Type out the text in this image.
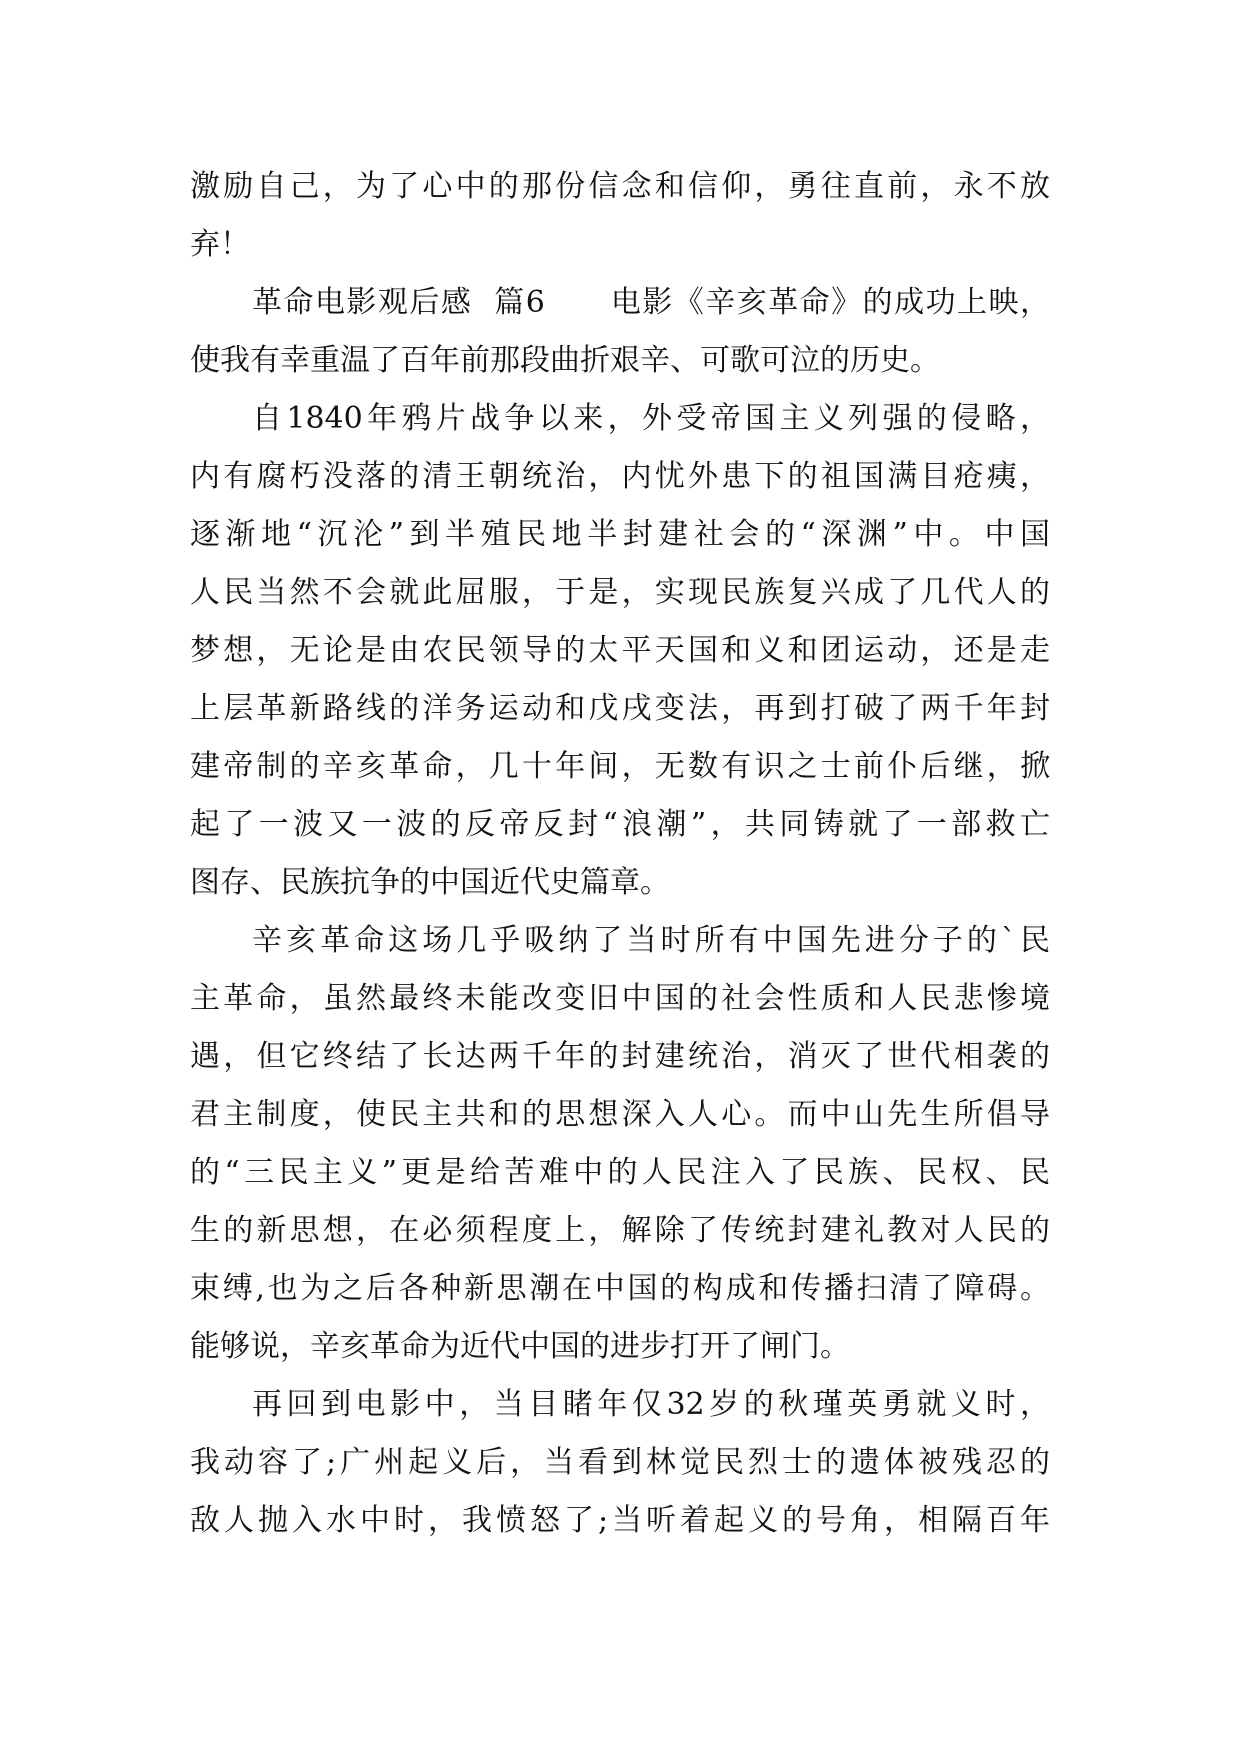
激励自己，为了心中的那份信念和信仰，勇往直前，永不放
弃！
革命电影观后感  篇6      电影《辛亥革命》的成功上映，
使我有幸重温了百年前那段曲折艰辛、可歌可泣的历史。
自1840年鸦片战争以来，外受帝国主义列强的侵略，
内有腐朽没落的清王朝统治，内忧外患下的祖国满目疮痍，
逐渐地“沉沦”到半殖民地半封建社会的“深渊”中。中国
人民当然不会就此屈服，于是，实现民族复兴成了几代人的
梦想，无论是由农民领导的太平天国和义和团运动，还是走
上层革新路线的洋务运动和戊戌变法，再到打破了两千年封
建帝制的辛亥革命，几十年间，无数有识之士前仆后继，掀
起了一波又一波的反帝反封“浪潮”，共同铸就了一部救亡
图存、民族抗争的中国近代史篇章。
辛亥革命这场几乎吸纳了当时所有中国先进分子的`民
主革命，虽然最终未能改变旧中国的社会性质和人民悲惨境
遇，但它终结了长达两千年的封建统治，消灭了世代相袭的
君主制度，使民主共和的思想深入人心。而中山先生所倡导
的“三民主义”更是给苦难中的人民注入了民族、民权、民
生的新思想，在必须程度上，解除了传统封建礼教对人民的
束缚,也为之后各种新思潮在中国的构成和传播扫清了障碍。
能够说，辛亥革命为近代中国的进步打开了闸门。
再回到电影中，当目睹年仅32岁的秋瑾英勇就义时，
我动容了;广州起义后，当看到林觉民烈士的遗体被残忍的
敌人抛入水中时，我愤怒了;当听着起义的号角，相隔百年
